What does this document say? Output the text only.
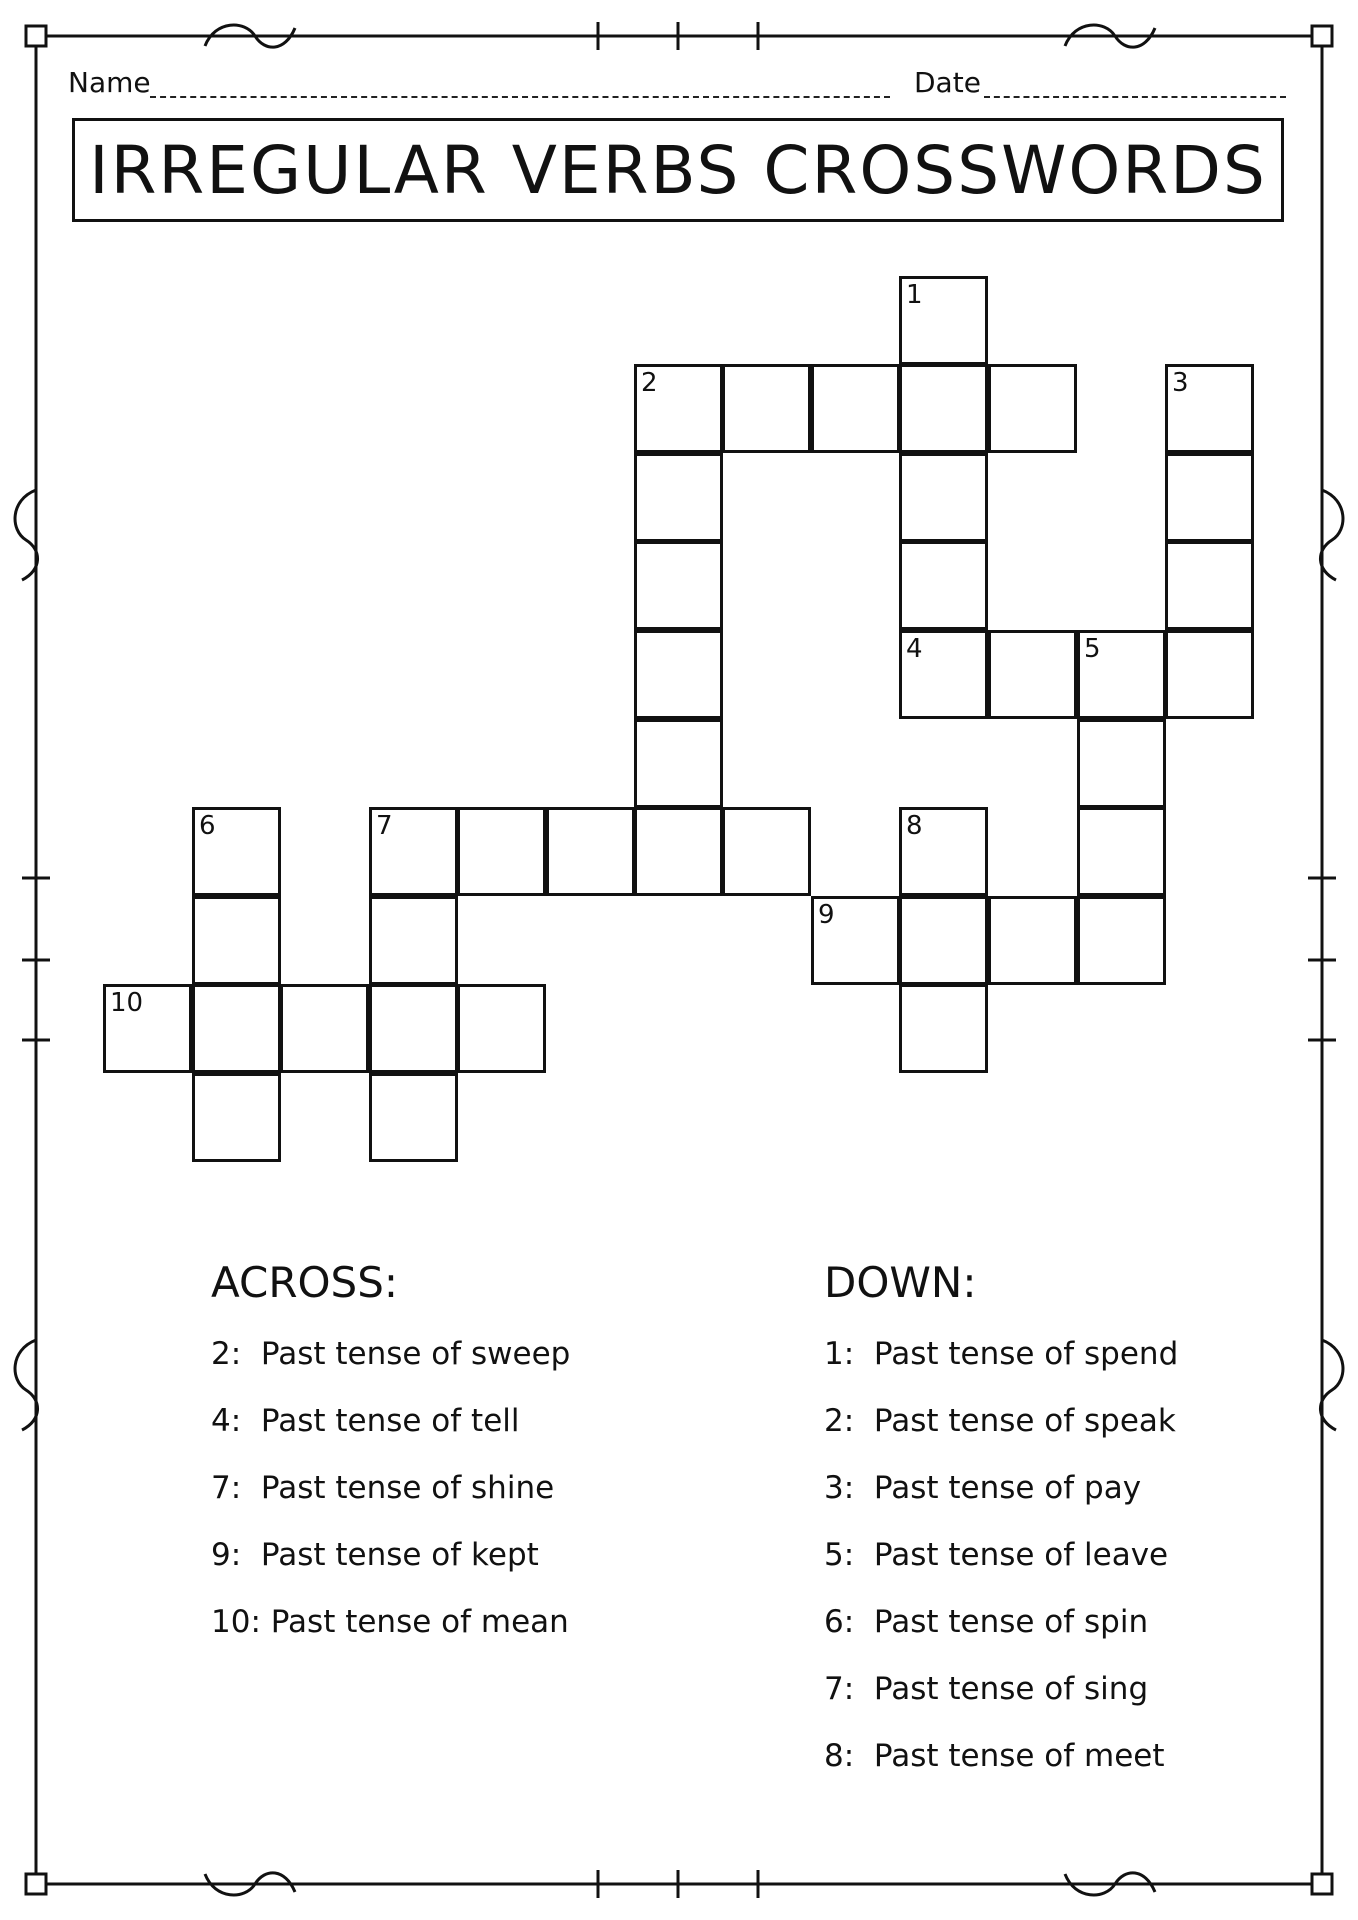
Name	Date
IRREGULAR VERBS CROSSWORDS
1
2	3
4	5
6	7	8
9
10
ACROSS:
2: Past tense of sweep
4: Past tense of tell
7: Past tense of shine
9: Past tense of kept
10: Past tense of mean
DOWN:
1: Past tense of spend
2: Past tense of speak
3: Past tense of pay
5: Past tense of leave
6: Past tense of spin
7: Past tense of sing
8: Past tense of meet
